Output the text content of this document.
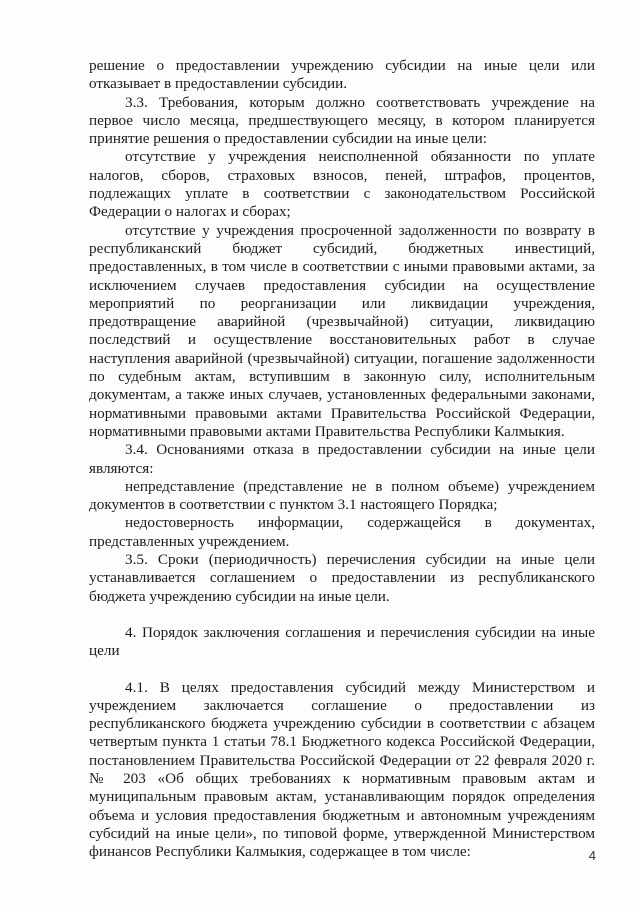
решение о предоставлении учреждению субсидии на иные цели или отказывает в предоставлении субсидии.

3.3. Требования, которым должно соответствовать учреждение на первое число месяца, предшествующего месяцу, в котором планируется принятие решения о предоставлении субсидии на иные цели:

отсутствие у учреждения неисполненной обязанности по уплате налогов, сборов, страховых взносов, пеней, штрафов, процентов, подлежащих уплате в соответствии с законодательством Российской Федерации о налогах и сборах;

отсутствие у учреждения просроченной задолженности по возврату в республиканский бюджет субсидий, бюджетных инвестиций, предоставленных, в том числе в соответствии с иными правовыми актами, за исключением случаев предоставления субсидии на осуществление мероприятий по реорганизации или ликвидации учреждения, предотвращение аварийной (чрезвычайной) ситуации, ликвидацию последствий и осуществление восстановительных работ в случае наступления аварийной (чрезвычайной) ситуации, погашение задолженности по судебным актам, вступившим в законную силу, исполнительным документам, а также иных случаев, установленных федеральными законами, нормативными правовыми актами Правительства Российской Федерации, нормативными правовыми актами Правительства Республики Калмыкия.

3.4. Основаниями отказа в предоставлении субсидии на иные цели являются:

непредставление (представление не в полном объеме) учреждением документов в соответствии с пунктом 3.1 настоящего Порядка;

недостоверность информации, содержащейся в документах, представленных учреждением.

3.5. Сроки (периодичность) перечисления субсидии на иные цели устанавливается соглашением о предоставлении из республиканского бюджета учреждению субсидии на иные цели.

4. Порядок заключения соглашения и перечисления субсидии на иные цели

4.1. В целях предоставления субсидий между Министерством и учреждением заключается соглашение о предоставлении из республиканского бюджета учреждению субсидии в соответствии с абзацем четвертым пункта 1 статьи 78.1 Бюджетного кодекса Российской Федерации, постановлением Правительства Российской Федерации от 22 февраля 2020 г. № 203 «Об общих требованиях к нормативным правовым актам и муниципальным правовым актам, устанавливающим порядок определения объема и условия предоставления бюджетным и автономным учреждениям субсидий на иные цели», по типовой форме, утвержденной Министерством финансов Республики Калмыкия, содержащее в том числе:	4
